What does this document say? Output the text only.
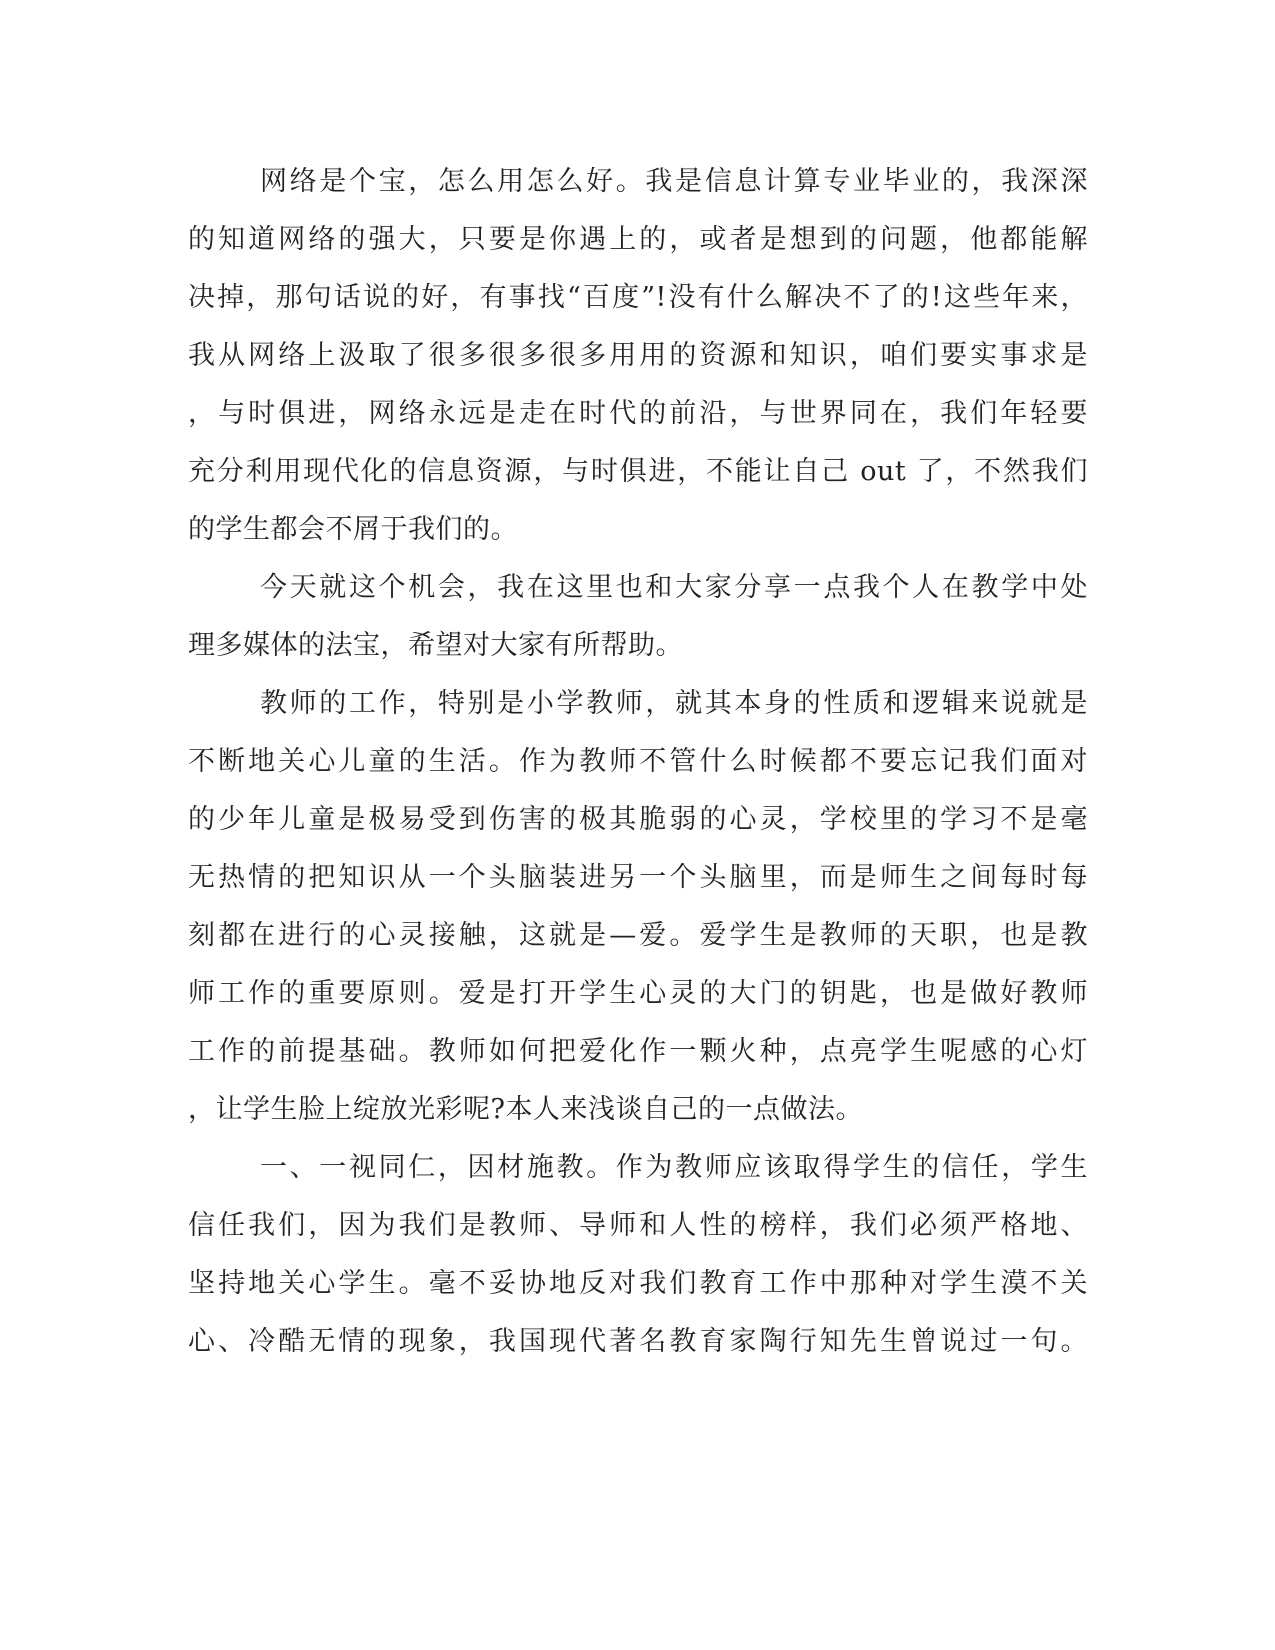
网络是个宝，怎么用怎么好。我是信息计算专业毕业的，我深深
的知道网络的强大，只要是你遇上的，或者是想到的问题，他都能解
决掉，那句话说的好，有事找“百度”!没有什么解决不了的!这些年来，
我从网络上汲取了很多很多很多用用的资源和知识，咱们要实事求是
，与时俱进，网络永远是走在时代的前沿，与世界同在，我们年轻要
充分利用现代化的信息资源，与时俱进，不能让自己 out 了，不然我们
的学生都会不屑于我们的。
今天就这个机会，我在这里也和大家分享一点我个人在教学中处
理多媒体的法宝，希望对大家有所帮助。
教师的工作，特别是小学教师，就其本身的性质和逻辑来说就是
不断地关心儿童的生活。作为教师不管什么时候都不要忘记我们面对
的少年儿童是极易受到伤害的极其脆弱的心灵，学校里的学习不是毫
无热情的把知识从一个头脑装进另一个头脑里，而是师生之间每时每
刻都在进行的心灵接触，这就是—爱。爱学生是教师的天职，也是教
师工作的重要原则。爱是打开学生心灵的大门的钥匙，也是做好教师
工作的前提基础。教师如何把爱化作一颗火种，点亮学生呢感的心灯
，让学生脸上绽放光彩呢?本人来浅谈自己的一点做法。
一、一视同仁，因材施教。作为教师应该取得学生的信任，学生
信任我们，因为我们是教师、导师和人性的榜样，我们必须严格地、
坚持地关心学生。毫不妥协地反对我们教育工作中那种对学生漠不关
心、冷酷无情的现象，我国现代著名教育家陶行知先生曾说过一句。
